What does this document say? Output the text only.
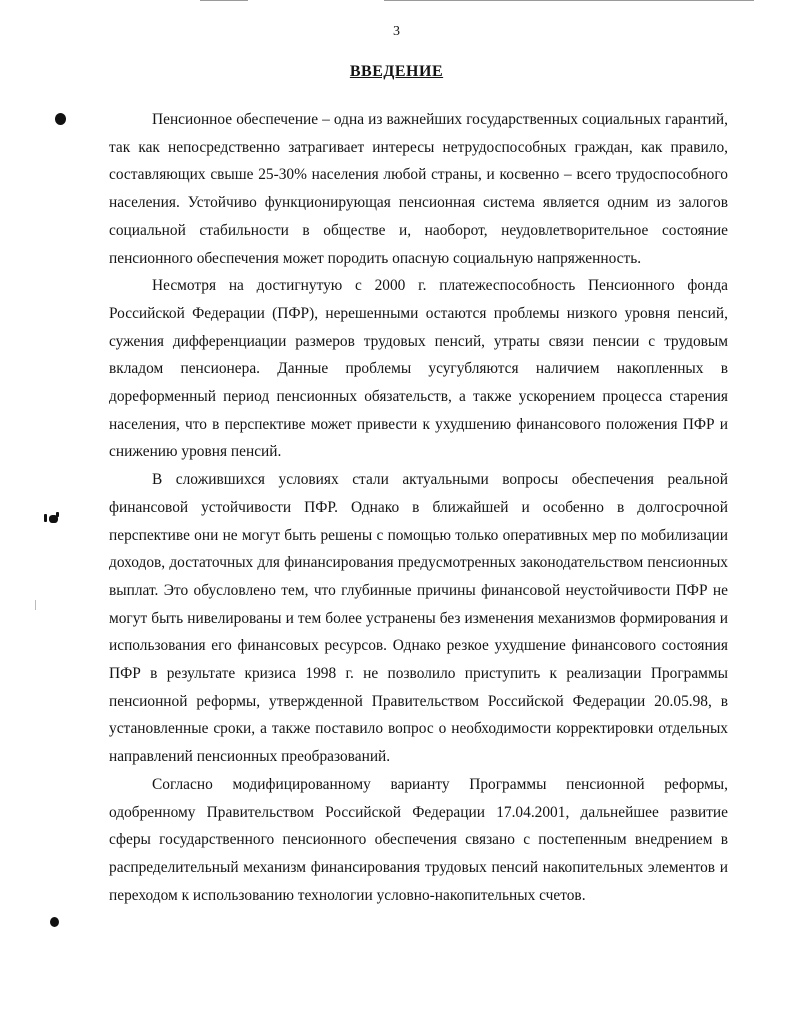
3
ВВЕДЕНИЕ

Пенсионное обеспечение – одна из важнейших государственных социальных гарантий, так как непосредственно затрагивает интересы нетрудоспособных граждан, как правило, составляющих свыше 25-30% населения любой страны, и косвенно – всего трудоспособного населения. Устойчиво функционирующая пенсионная система является одним из залогов социальной стабильности в обществе и, наоборот, неудовлетворительное состояние пенсионного обеспечения может породить опасную социальную напряженность.

Несмотря на достигнутую с 2000 г. платежеспособность Пенсионного фонда Российской Федерации (ПФР), нерешенными остаются проблемы низкого уровня пенсий, сужения дифференциации размеров трудовых пенсий, утраты связи пенсии с трудовым вкладом пенсионера. Данные проблемы усугубляются наличием накопленных в дореформенный период пенсионных обязательств, а также ускорением процесса старения населения, что в перспективе может привести к ухудшению финансового положения ПФР и снижению уровня пенсий.

В сложившихся условиях стали актуальными вопросы обеспечения реальной финансовой устойчивости ПФР. Однако в ближайшей и особенно в долгосрочной перспективе они не могут быть решены с помощью только оперативных мер по мобилизации доходов, достаточных для финансирования предусмотренных законодательством пенсионных выплат. Это обусловлено тем, что глубинные причины финансовой неустойчивости ПФР не могут быть нивелированы и тем более устранены без изменения механизмов формирования и использования его финансовых ресурсов. Однако резкое ухудшение финансового состояния ПФР в результате кризиса 1998 г. не позволило приступить к реализации Программы пенсионной реформы, утвержденной Правительством Российской Федерации 20.05.98, в установленные сроки, а также поставило вопрос о необходимости корректировки отдельных направлений пенсионных преобразований.

Согласно модифицированному варианту Программы пенсионной реформы, одобренному Правительством Российской Федерации 17.04.2001, дальнейшее развитие сферы государственного пенсионного обеспечения связано с постепенным внедрением в распределительный механизм финансирования трудовых пенсий накопительных элементов и переходом к использованию технологии условно-накопительных счетов.
